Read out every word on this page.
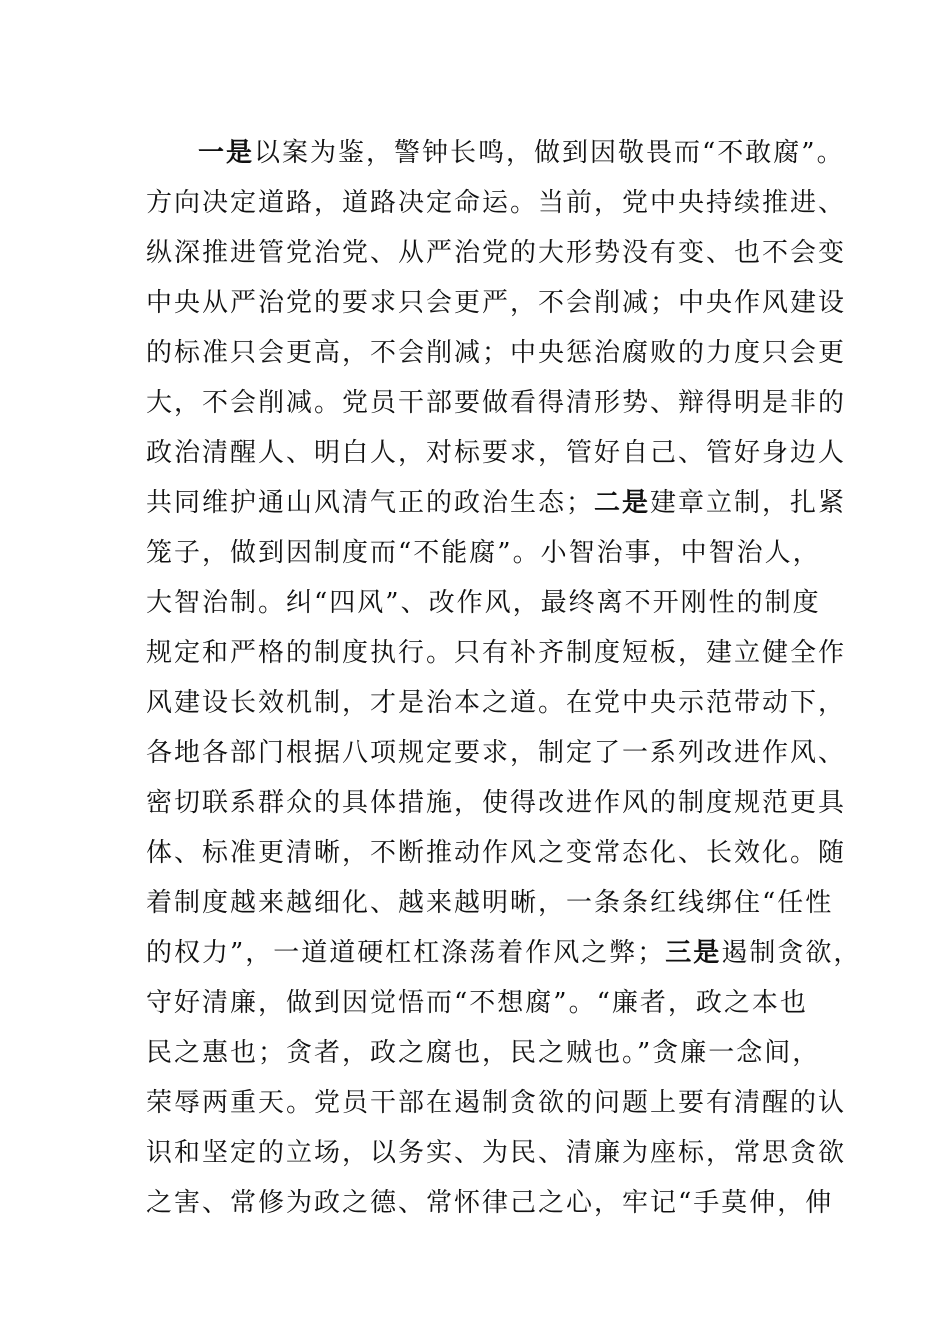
一是以案为鉴，警钟长鸣，做到因敬畏而“不敢腐”。
方向决定道路，道路决定命运。当前，党中央持续推进、
纵深推进管党治党、从严治党的大形势没有变、也不会变
中央从严治党的要求只会更严，不会削减；中央作风建设
的标准只会更高，不会削减；中央惩治腐败的力度只会更
大，不会削减。党员干部要做看得清形势、辩得明是非的
政治清醒人、明白人，对标要求，管好自己、管好身边人
共同维护通山风清气正的政治生态；二是建章立制，扎紧
笼子，做到因制度而“不能腐”。小智治事，中智治人，
大智治制。纠“四风”、改作风，最终离不开刚性的制度
规定和严格的制度执行。只有补齐制度短板，建立健全作
风建设长效机制，才是治本之道。在党中央示范带动下，
各地各部门根据八项规定要求，制定了一系列改进作风、
密切联系群众的具体措施，使得改进作风的制度规范更具
体、标准更清晰，不断推动作风之变常态化、长效化。随
着制度越来越细化、越来越明晰，一条条红线绑住“任性
的权力”，一道道硬杠杠涤荡着作风之弊；三是遏制贪欲，
守好清廉，做到因觉悟而“不想腐”。“廉者，政之本也
民之惠也；贪者，政之腐也，民之贼也。”贪廉一念间，
荣辱两重天。党员干部在遏制贪欲的问题上要有清醒的认
识和坚定的立场，以务实、为民、清廉为座标，常思贪欲
之害、常修为政之德、常怀律己之心，牢记“手莫伸，伸
